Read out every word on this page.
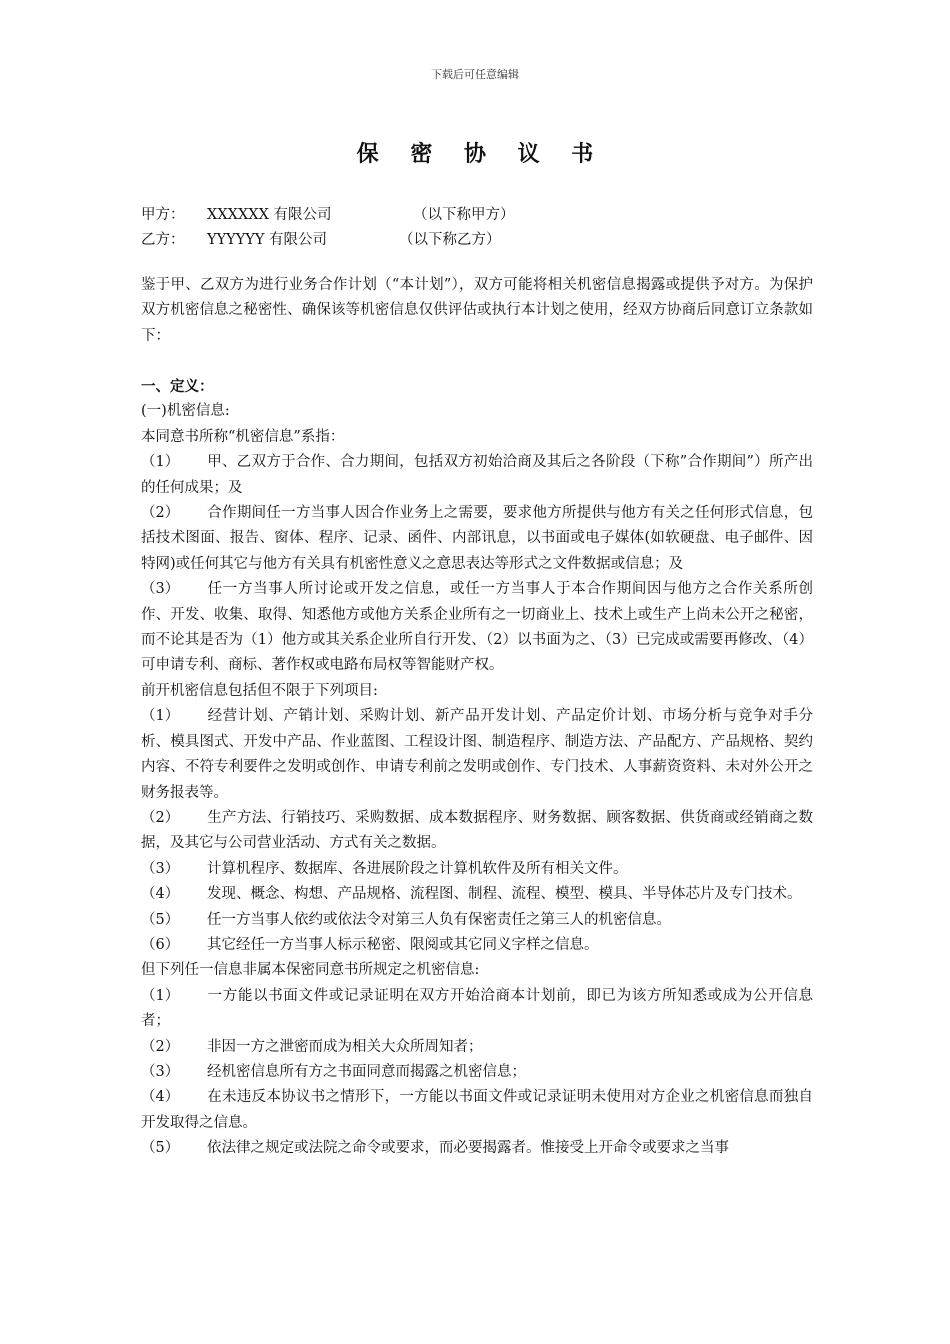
下载后可任意编辑
保 密 协 议 书
甲方： XXXXXX 有限公司	（以下称甲方）
乙方： YYYYYY 有限公司	（以下称乙方）

鉴于甲、乙双方为进行业务合作计划（“本计划”），双方可能将相关机密信息揭露或提供予对方。为保护双方机密信息之秘密性、确保该等机密信息仅供评估或执行本计划之使用，经双方协商后同意订立条款如下：

一、定义：

(一)机密信息:

本同意书所称“机密信息”系指：

（1） 甲、乙双方于合作、合力期间，包括双方初始洽商及其后之各阶段（下称”合作期间”）所产出的任何成果；及

（2） 合作期间任一方当事人因合作业务上之需要，要求他方所提供与他方有关之任何形式信息，包括技术图面、报告、窗体、程序、记录、函件、内部讯息，以书面或电子媒体(如软硬盘、电子邮件、因特网)或任何其它与他方有关具有机密性意义之意思表达等形式之文件数据或信息；及

（3） 任一方当事人所讨论或开发之信息，或任一方当事人于本合作期间因与他方之合作关系所创作、开发、收集、取得、知悉他方或他方关系企业所有之一切商业上、技术上或生产上尚未公开之秘密，而不论其是否为（1）他方或其关系企业所自行开发、（2）以书面为之、（3）已完成或需要再修改、（4）可申请专利、商标、著作权或电路布局权等智能财产权。

前开机密信息包括但不限于下列项目:

（1） 经营计划、产销计划、采购计划、新产品开发计划、产品定价计划、市场分析与竞争对手分析、模具图式、开发中产品、作业蓝图、工程设计图、制造程序、制造方法、产品配方、产品规格、契约内容、不符专利要件之发明或创作、申请专利前之发明或创作、专门技术、人事薪资资料、未对外公开之财务报表等。

（2） 生产方法、行销技巧、采购数据、成本数据程序、财务数据、顾客数据、供货商或经销商之数据，及其它与公司营业活动、方式有关之数据。

（3） 计算机程序、数据库、各进展阶段之计算机软件及所有相关文件。

（4） 发现、概念、构想、产品规格、流程图、制程、流程、模型、模具、半导体芯片及专门技术。

（5） 任一方当事人依约或依法令对第三人负有保密责任之第三人的机密信息。

（6） 其它经任一方当事人标示秘密、限阅或其它同义字样之信息。

但下列任一信息非属本保密同意书所规定之机密信息:

（1） 一方能以书面文件或记录证明在双方开始洽商本计划前，即已为该方所知悉或成为公开信息者；

（2） 非因一方之泄密而成为相关大众所周知者；

（3） 经机密信息所有方之书面同意而揭露之机密信息；

（4） 在未违反本协议书之情形下，一方能以书面文件或记录证明未使用对方企业之机密信息而独自开发取得之信息。

（5） 依法律之规定或法院之命令或要求，而必要揭露者。惟接受上开命令或要求之当事
